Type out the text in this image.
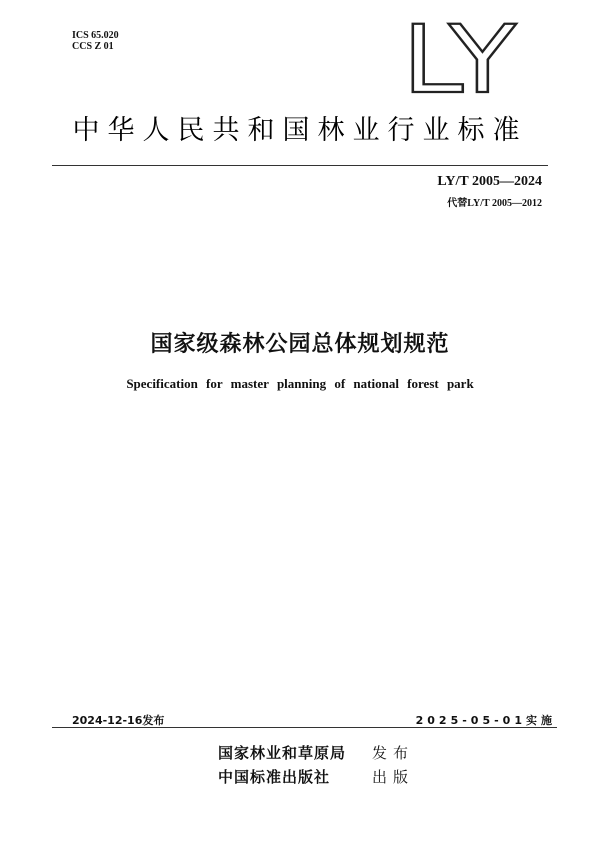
ICS 65.020
CCS Z 01	LY
中华人民共和国林业行业标准
LY/T 2005—2024
代替LY/T 2005—2012
国家级森林公园总体规划规范
Specification for master planning of national forest park
2024-12-16发布	2025-05-01实施
国家林业和草原局 发布
中国标准出版社	出版
